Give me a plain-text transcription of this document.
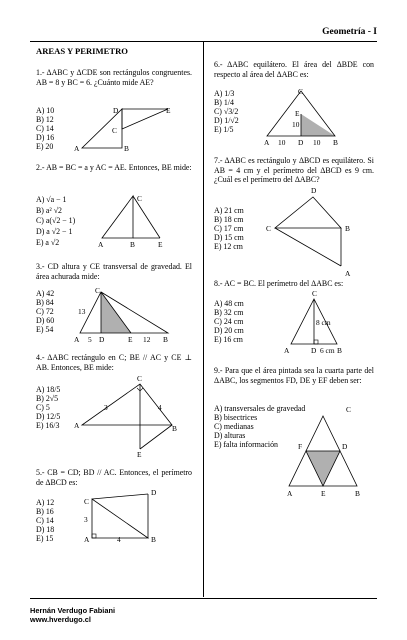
Geometría - I
AREAS Y PERIMETRO
1.- ΔABC y ΔCDE son rectángulos congruentes. AB = 8 y BC = 6. ¿Cuánto mide AE?
A) 10
B) 12
C) 14
D) 16
E) 20
D	E
C
A	B
2.- AB = BC = a y AC = AE. Entonces, BE mide:
A) √a − 1
B) a² √2
C) a(√2 − 1)
D) a √2 − 1
E) a √2
C
A	B	E
3.- CD altura y CE transversal de gravedad. El área achurada mide:
A) 42
B) 84
C) 72
D) 60
E) 54
C
13
A 5 D	E 12 B
4.- ΔABC rectángulo en C; BE // AC y CE ⊥ AB. Entonces, BE mide:
A) 18/5
B) 2√5
C) 5
D) 12/5
E) 16/3
C
3	4
A	B
E
5.- CB = CD; BD // AC. Entonces, el perímetro de ΔBCD es:
A) 12
B) 16
C) 14
D) 18
E) 15
D
C
3
A	4	B
6.- ΔABC equilátero. El área del ΔBDE con respecto al área del ΔABC es:
A) 1/3
B) 1/4
C) √3/2
D) 1/√2
E) 1/5
C
E
10
A 10 D 10 B
7.- ΔABC es rectángulo y ΔBCD es equilátero. Si AB = 4 cm y el perímetro del ΔBCD es 9 cm. ¿Cuál es el perímetro del ΔABC?
A) 21 cm
B) 18 cm
C) 17 cm
D) 15 cm
E) 12 cm
D
C	B
A
8.- AC = BC. El perímetro del ΔABC es:
A) 48 cm
B) 32 cm
C) 24 cm
D) 20 cm
E) 16 cm
C
8 cm
A	D 6 cm B
9.- Para que el área pintada sea la cuarta parte del ΔABC, los segmentos FD, DE y EF deben ser:
A) transversales de gravedad
B) bisectrices
C) medianas
D) alturas
E) falta información
C
F	D
A	E	B
Hernán Verdugo Fabiani
www.hverdugo.cl
